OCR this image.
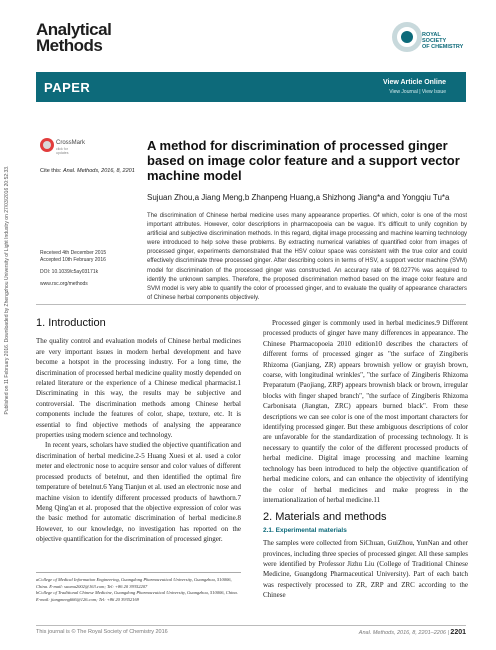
Published on 11 February 2016. Downloaded by Zhengzhou University of Light Industry on 27/03/2016 20:52:33.
Analytical
Methods
ROYAL SOCIETY
OF CHEMISTRY
PAPER	View Article Online
View Journal | View Issue
CrossMark
click for updates
Cite this: Anal. Methods, 2016, 8, 2201
A method for discrimination of processed ginger based on image color feature and a support vector machine model
Sujuan Zhou,a Jiang Meng,b Zhanpeng Huang,a Shizhong Jiang*a and Yongqiu Tu*a
The discrimination of Chinese herbal medicine uses many appearance properties. Of which, color is one of the most important attributes. However, color descriptions in pharmacopoeia can be vague. It's difficult to unify cognition by artificial and subjective discrimination methods. In this regard, digital image processing and machine learning technology were introduced to help solve these problems. By extracting numerical variables of quantified color from images of processed ginger, experiments demonstrated that the HSV colour space was consistent with the true color and could effectively discriminate three processed ginger. After describing colors in terms of HSV, a support vector machine (SVM) model for discrimination of the processed ginger was constructed. An accuracy rate of 98.0277% was acquired to identify the unknown samples. Therefore, the proposed discrimination method based on the image color feature and SVM model is very able to quantify the color of processed ginger, and to evaluate the quality of appearance characters of Chinese herbal components objectively.
Received 4th December 2015
Accepted 10th February 2016
DOI: 10.1039/c5ay03171k
www.rsc.org/methods
1. Introduction

The quality control and evaluation models of Chinese herbal medicines are very important issues in modern herbal development and have become a hotspot in the processing industry. For a long time, the discrimination of processed herbal medicine quality mostly depended on related literature or the experience of a Chinese medical pharmacist.1 Discriminating in this way, the results may be subjective and controversial. The discrimination methods among Chinese herbal components include the features of color, shape, texture, etc. It is essential to find objective methods of analysing the appearance properties using modern science and technology.

In recent years, scholars have studied the objective quantification and discrimination of herbal medicine.2-5 Huang Xuesi et al. used a color meter and electronic nose to acquire sensor and color values of different processed products of betelnut, and then identified the optimal fire temperature of betelnut.6 Yang Tianjun et al. used an electronic nose and machine vision to identify different processed products of hawthorn.7 Meng Qing'an et al. proposed that the objective expression of color was the basic method for automatic discrimination of herbal medicine.8 However, to our knowledge, no investigation has reported on the objective quantification for the discrimination of processed ginger.

aCollege of Medical Information Engineering, Guangdong Pharmaceutical University, Guangzhou, 510006, China. E-mail: suomu2002@163.com; Tel: +86 20 39352207
bCollege of Traditional Chinese Medicine, Guangdong Pharmaceutical University, Guangzhou, 510006, China. E-mail: jiangmeng666@126.com; Tel: +86 20 39352169

Processed ginger is commonly used in herbal medicines.9 Different processed products of ginger have many differences in appearance. The Chinese Pharmacopoeia 2010 edition10 describes the characters of different forms of processed ginger as "the surface of Zingiberis Rhizoma (Ganjiang, ZR) appears brownish yellow or grayish brown, coarse, with longitudinal wrinkles", "the surface of Zingiberis Rhizoma Preparatum (Paojiang, ZRP) appears brownish black or brown, irregular blocks with finger shaped branch", "the surface of Zingiberis Rhizoma Carbonisata (Jiangtan, ZRC) appears burned black". From these descriptions we can see color is one of the most important characters for identifying processed ginger. But these ambiguous descriptions of color are unfavorable for the standardization of processing technology. It is necessary to quantify the color of the different processed products of herbal medicine. Digital image processing and machine learning technology has been introduced to help the objective quantification of herbal medicine colors, and can enhance the objectivity of identifying the color of herbal medicines and make progress in the internationalization of herbal medicine.11

2. Materials and methods
2.1. Experimental materials

The samples were collected from SiChuan, GuiZhou, YunNan and other provinces, including three species of processed ginger. All these samples were identified by Professor Jizhu Liu (College of Traditional Chinese Medicine, Guangdong Pharmaceutical University). Part of each batch was respectively processed to ZR, ZRP and ZRC according to the Chinese

This journal is © The Royal Society of Chemistry 2016	Anal. Methods, 2016, 8, 2201–2206 | 2201
